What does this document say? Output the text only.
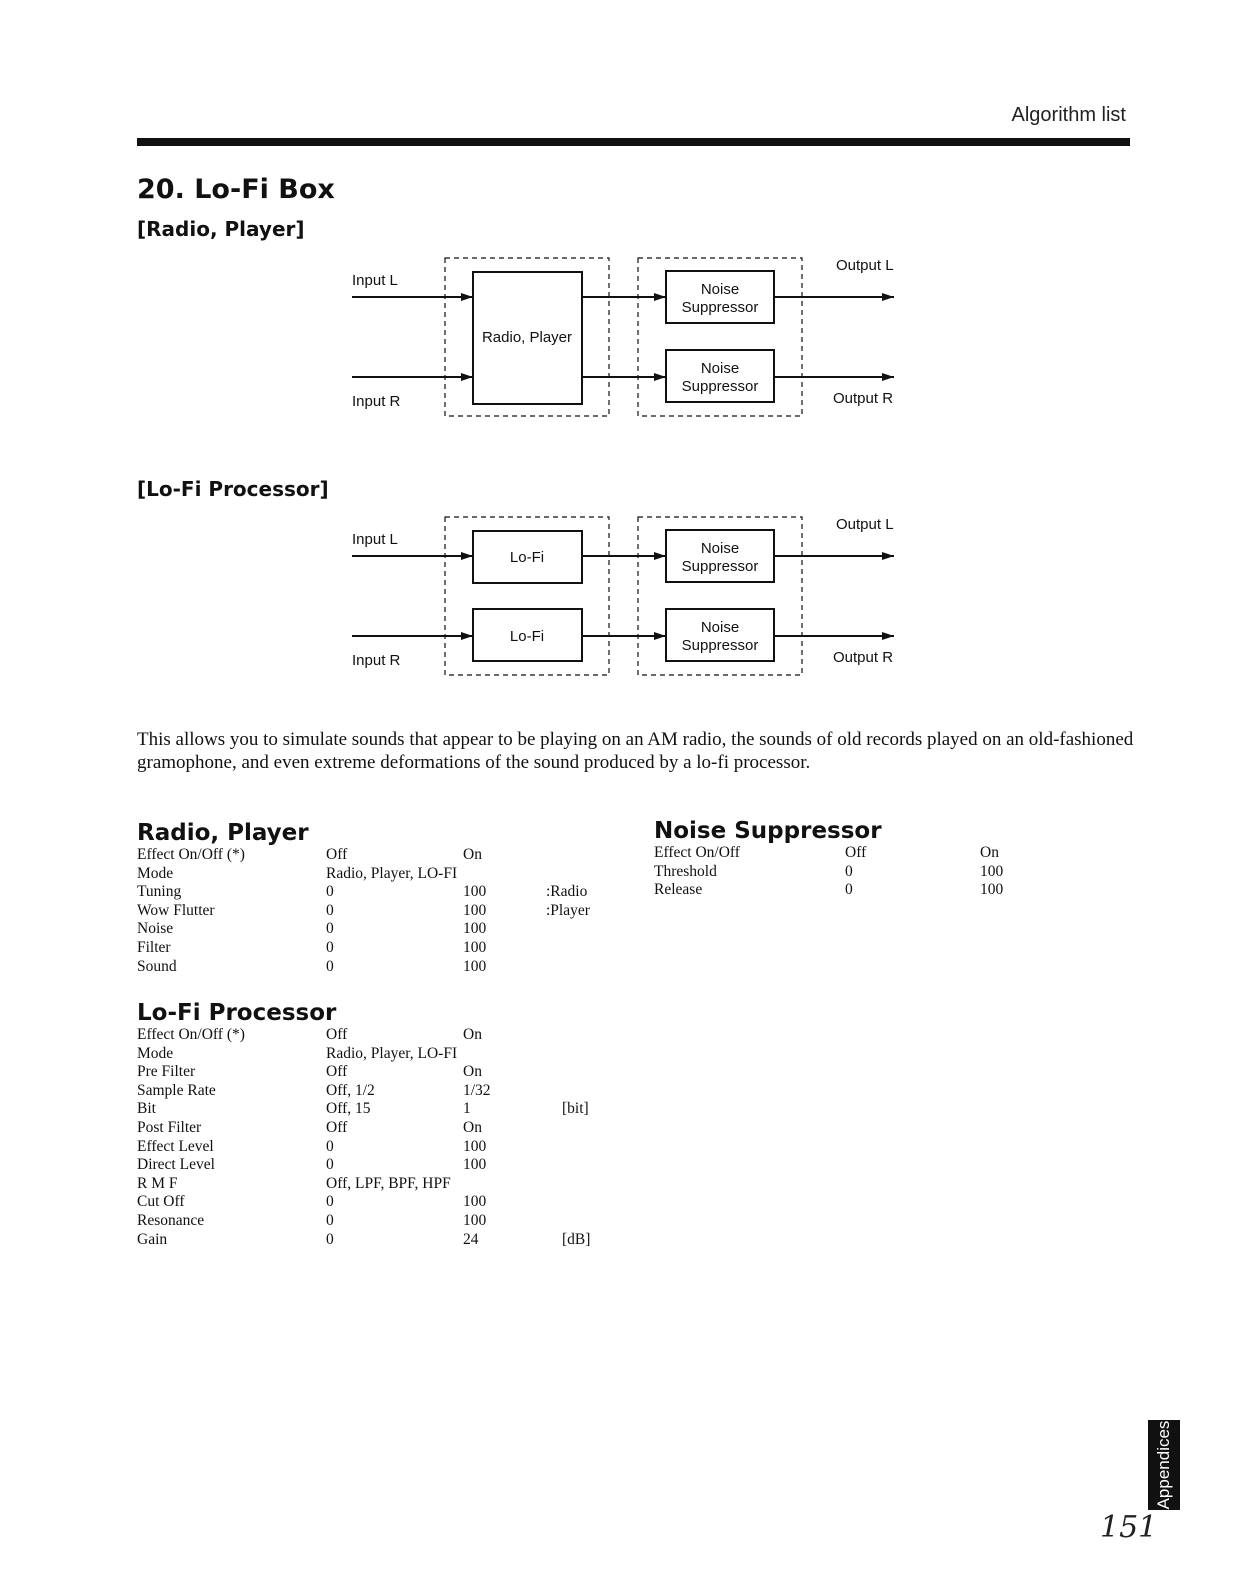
Algorithm list
20. Lo-Fi Box
[Radio, Player]
Input L
Input R
Output L
Output R
Radio, Player
Noise
Suppressor
Noise
Suppressor
[Lo-Fi Processor]
Input L
Input R
Output L
Output R
Lo-Fi
Lo-Fi
Noise
Suppressor
Noise
Suppressor
This allows you to simulate sounds that appear to be playing on an AM radio, the sounds of old records played on an old-fashioned gramophone, and even extreme deformations of the sound produced by a lo-fi processor.
Radio, Player
Effect On/Off (*)	Off	On
Mode	Radio, Player, LO-FI
Tuning	0	100	:Radio
Wow Flutter	0	100	:Player
Noise	0	100
Filter	0	100
Sound	0	100
Noise Suppressor
Effect On/Off	Off	On
Threshold	0	100
Release	0	100
Lo-Fi Processor
Effect On/Off (*)	Off	On
Mode	Radio, Player, LO-FI
Pre Filter	Off	On
Sample Rate	Off, 1/2	1/32
Bit	Off, 15	1	[bit]
Post Filter	Off	On
Effect Level	0	100
Direct Level	0	100
R M F	Off, LPF, BPF, HPF
Cut Off	0	100
Resonance	0	100
Gain	0	24	[dB]
Appendices
151
